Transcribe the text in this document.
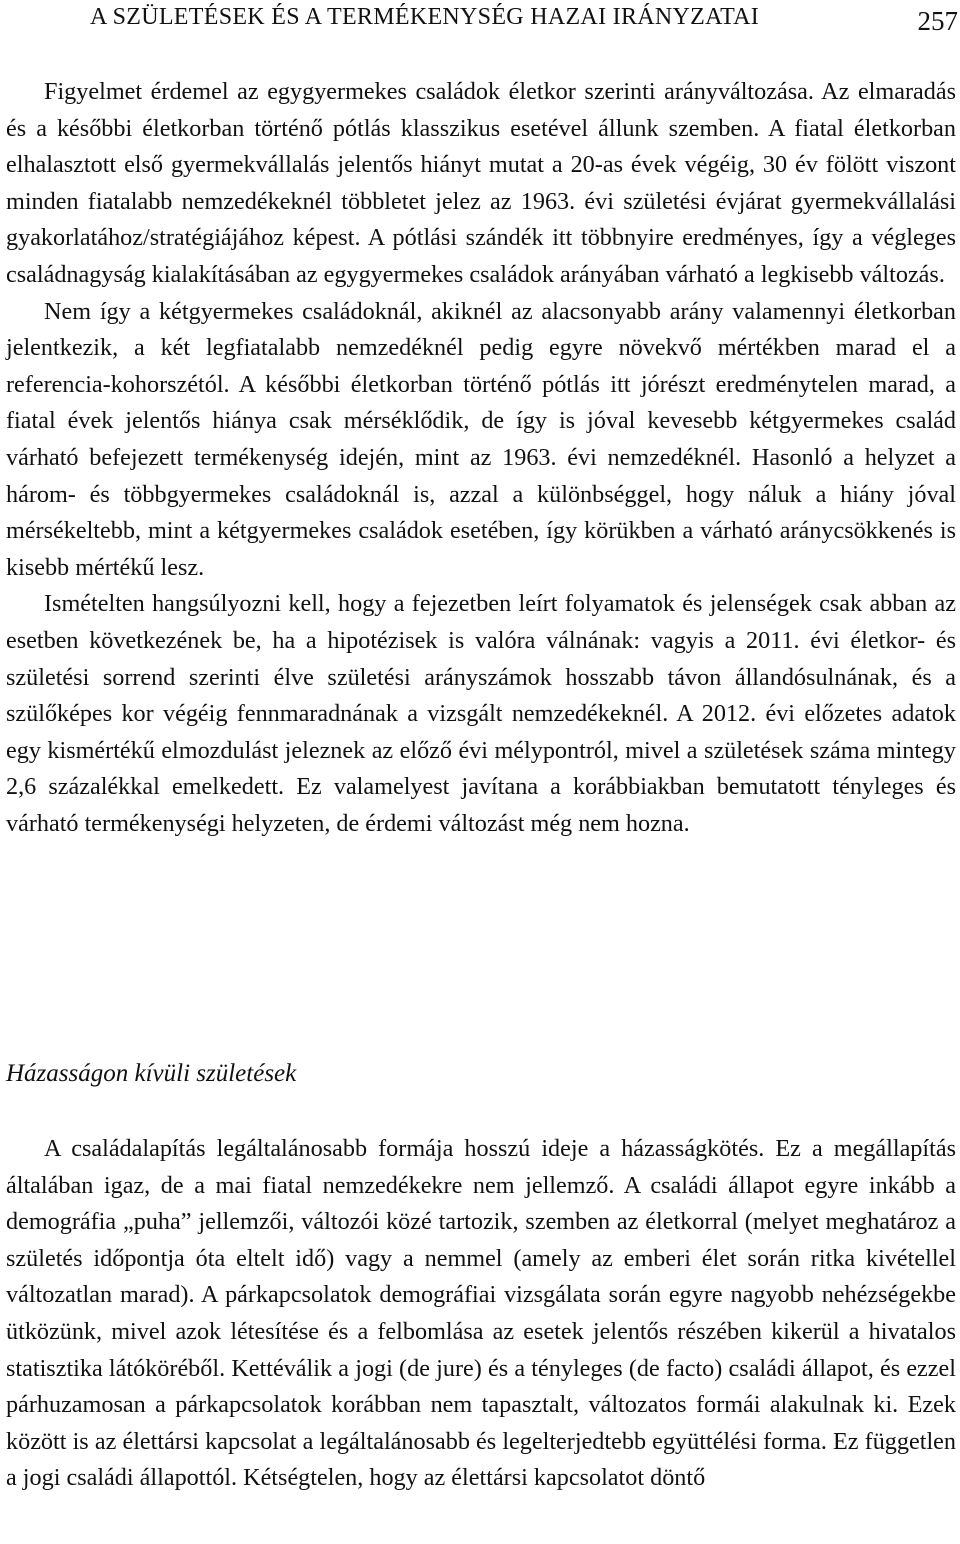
A SZÜLETÉSEK ÉS A TERMÉKENYSÉG HAZAI IRÁNYZATAI	257

Figyelmet érdemel az egygyermekes családok életkor szerinti arányváltozása. Az elmaradás és a későbbi életkorban történő pótlás klasszikus esetével állunk szemben. A fiatal életkorban elhalasztott első gyermekvállalás jelentős hiányt mutat a 20-as évek végéig, 30 év fölött viszont minden fiatalabb nemzedékeknél többletet jelez az 1963. évi születési évjárat gyermekvállalási gyakorlatához/stratégiájához képest. A pótlási szándék itt többnyire eredményes, így a végleges családnagyság kialakításában az egygyermekes családok arányában várható a legkisebb változás.

Nem így a kétgyermekes családoknál, akiknél az alacsonyabb arány valamennyi életkorban jelentkezik, a két legfiatalabb nemzedéknél pedig egyre növekvő mértékben marad el a referencia-kohorszétól. A későbbi életkorban történő pótlás itt jórészt eredménytelen marad, a fiatal évek jelentős hiánya csak mérséklődik, de így is jóval kevesebb kétgyermekes család várható befejezett termékenység idején, mint az 1963. évi nemzedéknél. Hasonló a helyzet a három- és többgyermekes családoknál is, azzal a különbséggel, hogy náluk a hiány jóval mérsékeltebb, mint a kétgyermekes családok esetében, így körükben a várható aránycsökkenés is kisebb mértékű lesz.

Ismételten hangsúlyozni kell, hogy a fejezetben leírt folyamatok és jelenségek csak abban az esetben következének be, ha a hipotézisek is valóra válnának: vagyis a 2011. évi életkor- és születési sorrend szerinti élve születési arányszámok hosszabb távon állandósulnának, és a szülőképes kor végéig fennmaradnának a vizsgált nemzedékeknél. A 2012. évi előzetes adatok egy kismértékű elmozdulást jeleznek az előző évi mélypontról, mivel a születések száma mintegy 2,6 százalékkal emelkedett. Ez valamelyest javítana a korábbiakban bemutatott tényleges és várható termékenységi helyzeten, de érdemi változást még nem hozna.

Házasságon kívüli születések

A családalapítás legáltalánosabb formája hosszú ideje a házasságkötés. Ez a megállapítás általában igaz, de a mai fiatal nemzedékekre nem jellemző. A családi állapot egyre inkább a demográfia „puha” jellemzői, változói közé tartozik, szemben az életkorral (melyet meghatároz a születés időpontja óta eltelt idő) vagy a nemmel (amely az emberi élet során ritka kivétellel változatlan marad). A párkapcsolatok demográfiai vizsgálata során egyre nagyobb nehézségekbe ütközünk, mivel azok létesítése és a felbomlása az esetek jelentős részében kikerül a hivatalos statisztika látóköréből. Kettéválik a jogi (de jure) és a tényleges (de facto) családi állapot, és ezzel párhuzamosan a párkapcsolatok korábban nem tapasztalt, változatos formái alakulnak ki. Ezek között is az élettársi kapcsolat a legáltalánosabb és legelterjedtebb együttélési forma. Ez független a jogi családi állapottól. Kétségtelen, hogy az élettársi kapcsolatot döntő
